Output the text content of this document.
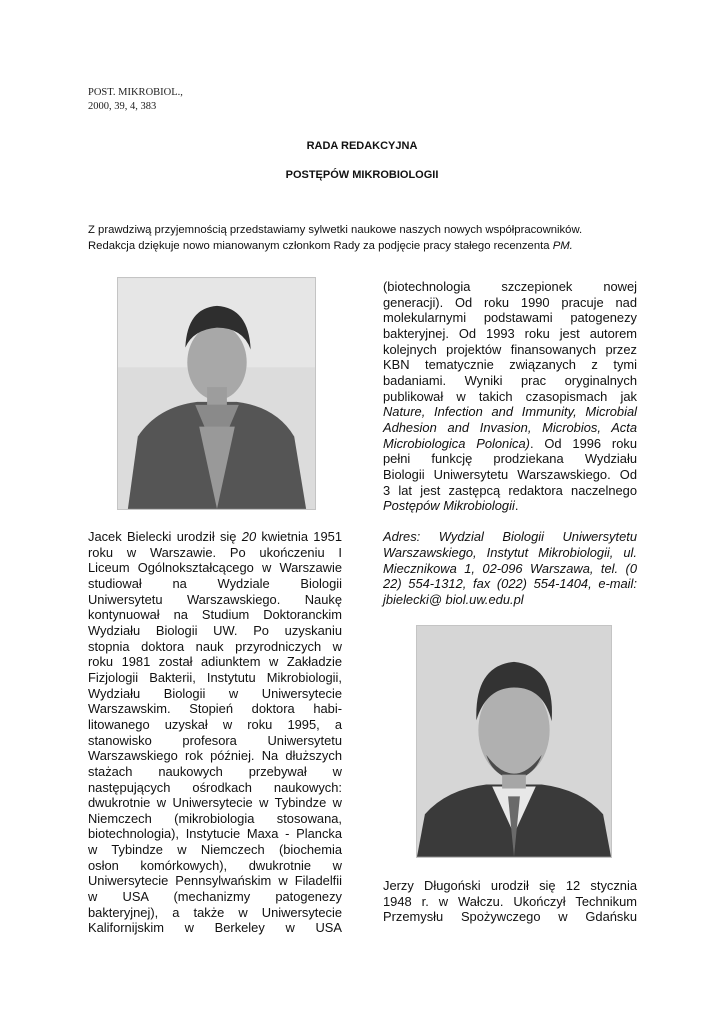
POST. MIKROBIOL.,
2000, 39, 4, 383
RADA REDAKCYJNA
POSTĘPÓW MIKROBIOLOGII

Z prawdziwą przyjemnością przedstawiamy sylwetki naukowe naszych nowych współpracowników.

Redakcja dziękuje nowo mianowanym członkom Rady za podjęcie pracy stałego recenzenta PM.

Jacek Bielecki urodził się 20 kwietnia 1951
roku w Warszawie. Po ukończeniu I
Liceum Ogólnokształcącego w Warszawie
studiował na Wydziale Biologii
Uniwersytetu Warszawskiego. Naukę
kontynuował na Studium Doktoranckim
Wydziału Biologii UW. Po uzyskaniu
stopnia doktora nauk przyrodniczych w
roku 1981 został adiunktem w Zakładzie
Fizjologii Bakterii, Instytutu Mikrobiologii,
Wydziału Biologii w Uniwersytecie
Warszawskim. Stopień doktora habi-
litowanego uzyskał w roku 1995, a
stanowisko profesora Uniwersytetu
Warszawskiego rok później. Na dłuższych
stażach naukowych przebywał w
następujących ośrodkach naukowych:
dwukrotnie w Uniwersytecie w Tybindze w
Niemczech (mikrobiologia stosowana,
biotechnologia), Instytucie Maxa - Plancka
w Tybindze w Niemczech (biochemia
osłon komórkowych), dwukrotnie w
Uniwersytecie Pennsylwańskim w Filadelfii
w USA (mechanizmy patogenezy
bakteryjnej), a także w Uniwersytecie
Kalifornijskim w Berkeley w USA
(biotechnologia szczepionek nowej
generacji). Od roku 1990 pracuje nad
molekularnymi podstawami patogenezy
bakteryjnej. Od 1993 roku jest autorem
kolejnych projektów finansowanych przez
KBN tematycznie związanych z tymi
badaniami. Wyniki prac oryginalnych
publikował w takich czasopismach jak
Nature, Infection and Immunity, Microbial
Adhesion and Invasion, Microbios, Acta
Microbiologica Polonica). Od 1996 roku
pełni funkcję prodziekana Wydziału
Biologii Uniwersytetu Warszawskiego. Od
3 lat jest zastępcą redaktora naczelnego
Postępów Mikrobiologii.
Adres: Wydzial Biologii Uniwersytetu
Warszawskiego, Instytut Mikrobiologii, ul.
Miecznikowa 1, 02-096 Warszawa, tel. (0
22) 554-1312, fax (022) 554-1404, e-mail:
jbielecki@ biol.uw.edu.pl
Jerzy Długoński urodził się 12 stycznia
1948 r. w Wałczu. Ukończył Technikum
Przemysłu Spożywczego w Gdańsku
